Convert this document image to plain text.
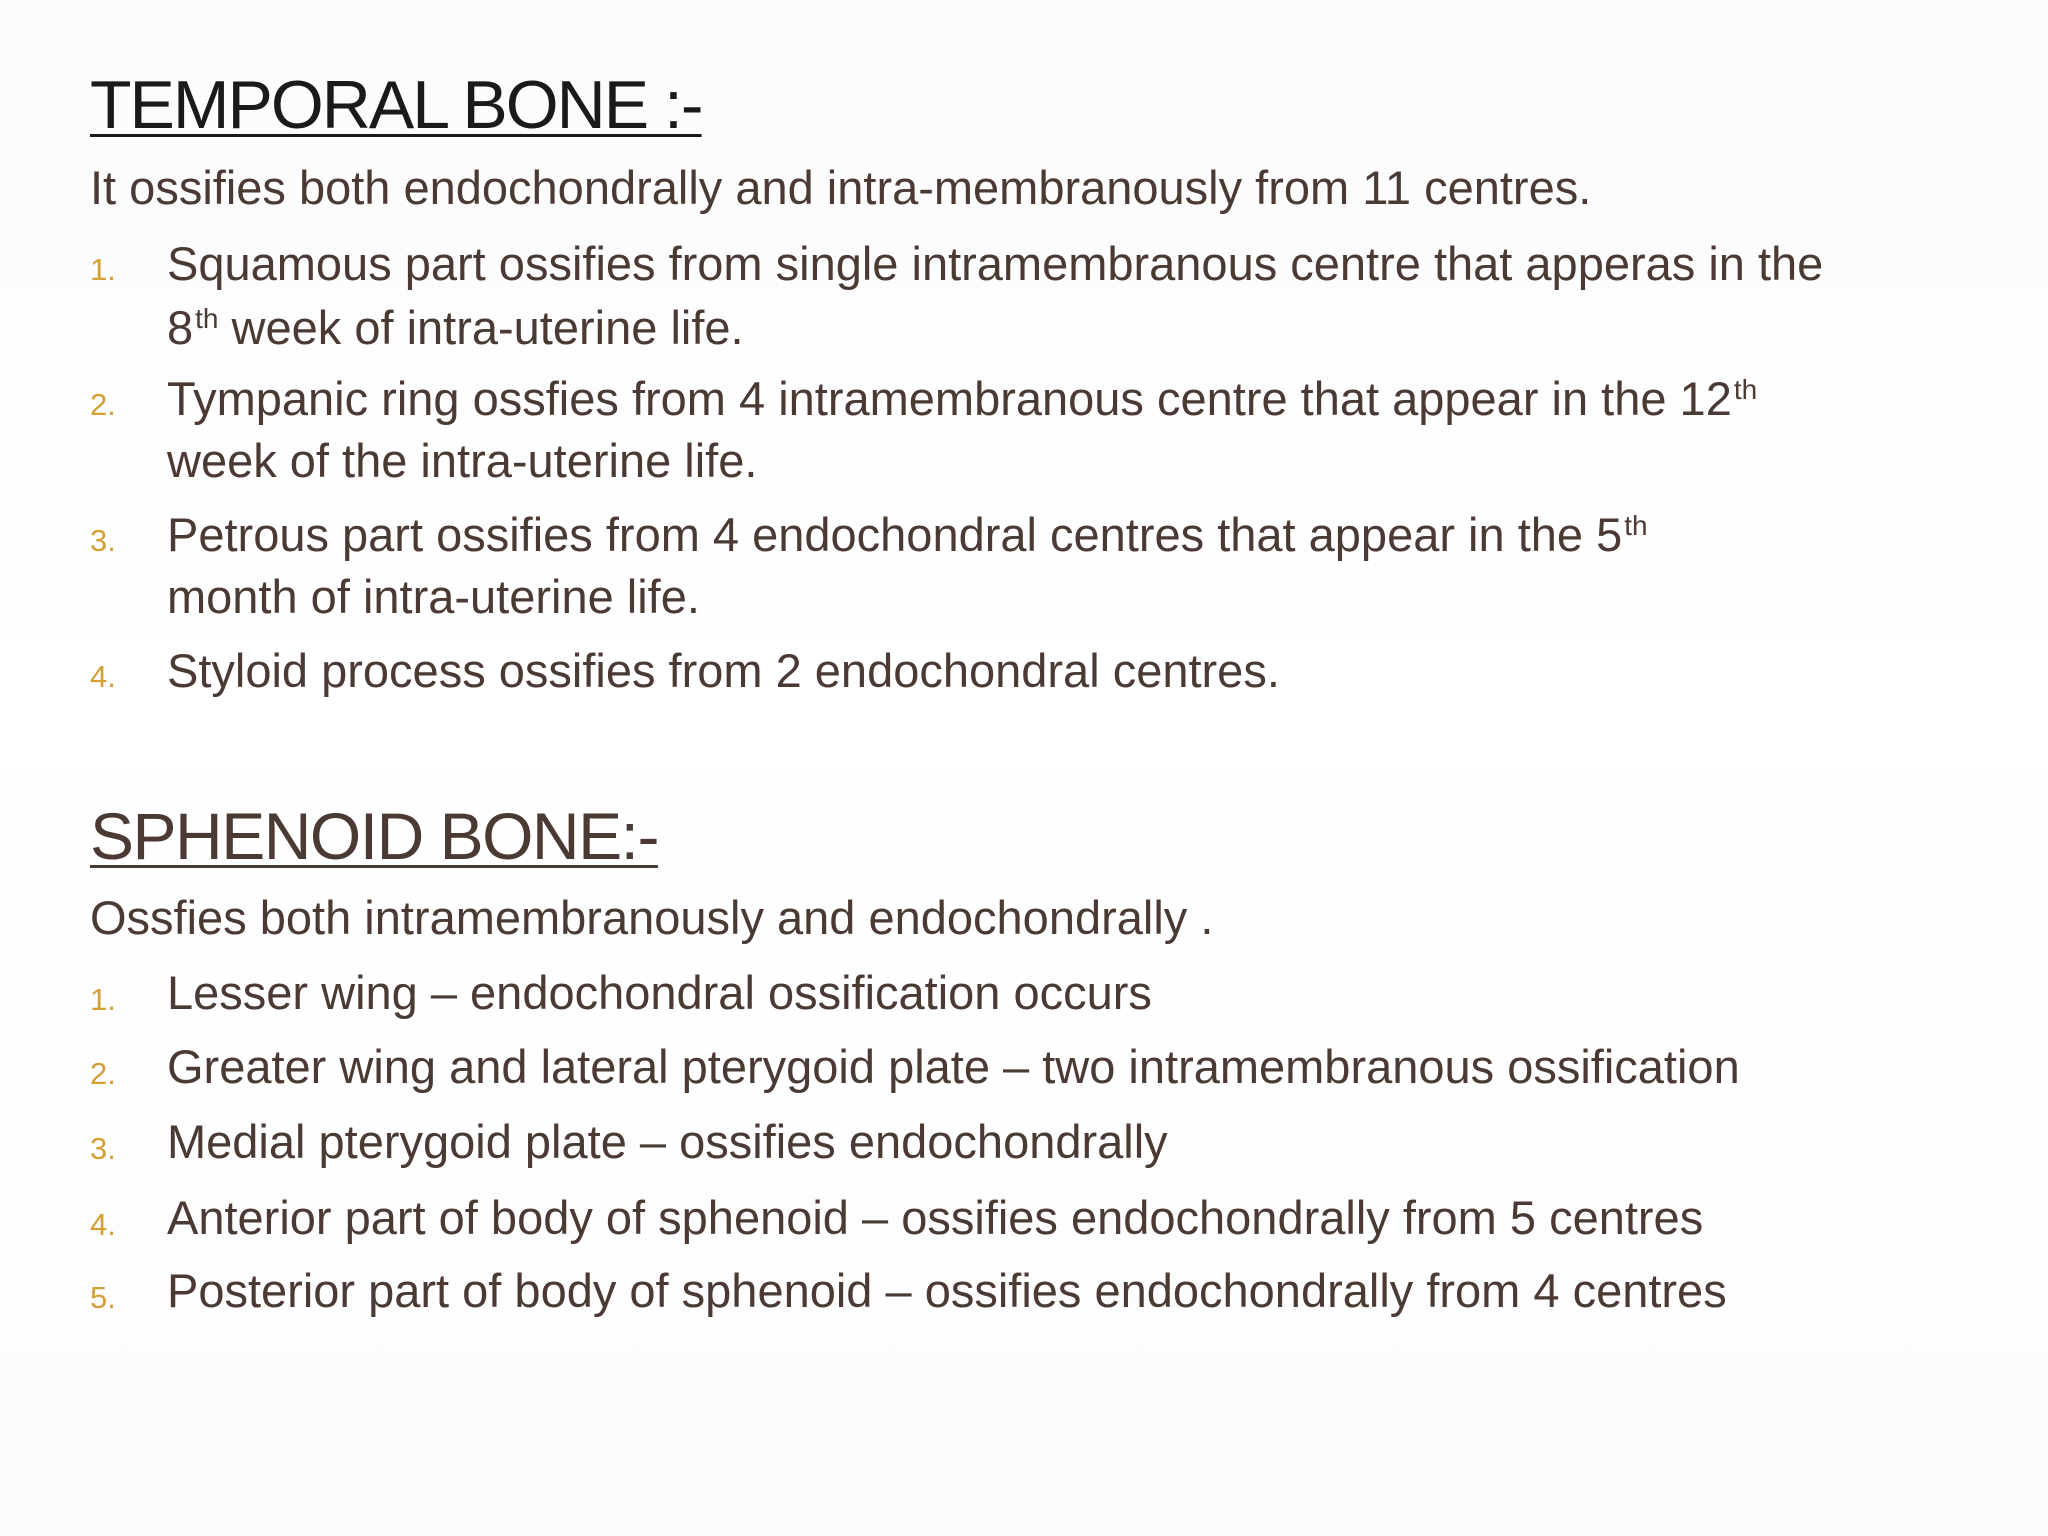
TEMPORAL BONE :-

It ossifies both endochondrally and intra-membranously from 11 centres.

1. Squamous part ossifies from single intramembranous centre that apperas in the
8th week of intra-uterine life.
2. Tympanic ring ossfies from 4 intramembranous centre that appear in the 12th
week of the intra-uterine life.
3. Petrous part ossifies from 4 endochondral centres that appear in the 5th
month of intra-uterine life.
4. Styloid process ossifies from 2 endochondral centres.
SPHENOID BONE:-

Ossfies both intramembranously and endochondrally .

1. Lesser wing – endochondral ossification occurs
2. Greater wing and lateral pterygoid plate – two intramembranous ossification
3. Medial pterygoid plate – ossifies endochondrally
4. Anterior part of body of sphenoid – ossifies endochondrally from 5 centres
5. Posterior part of body of sphenoid – ossifies endochondrally from 4 centres
